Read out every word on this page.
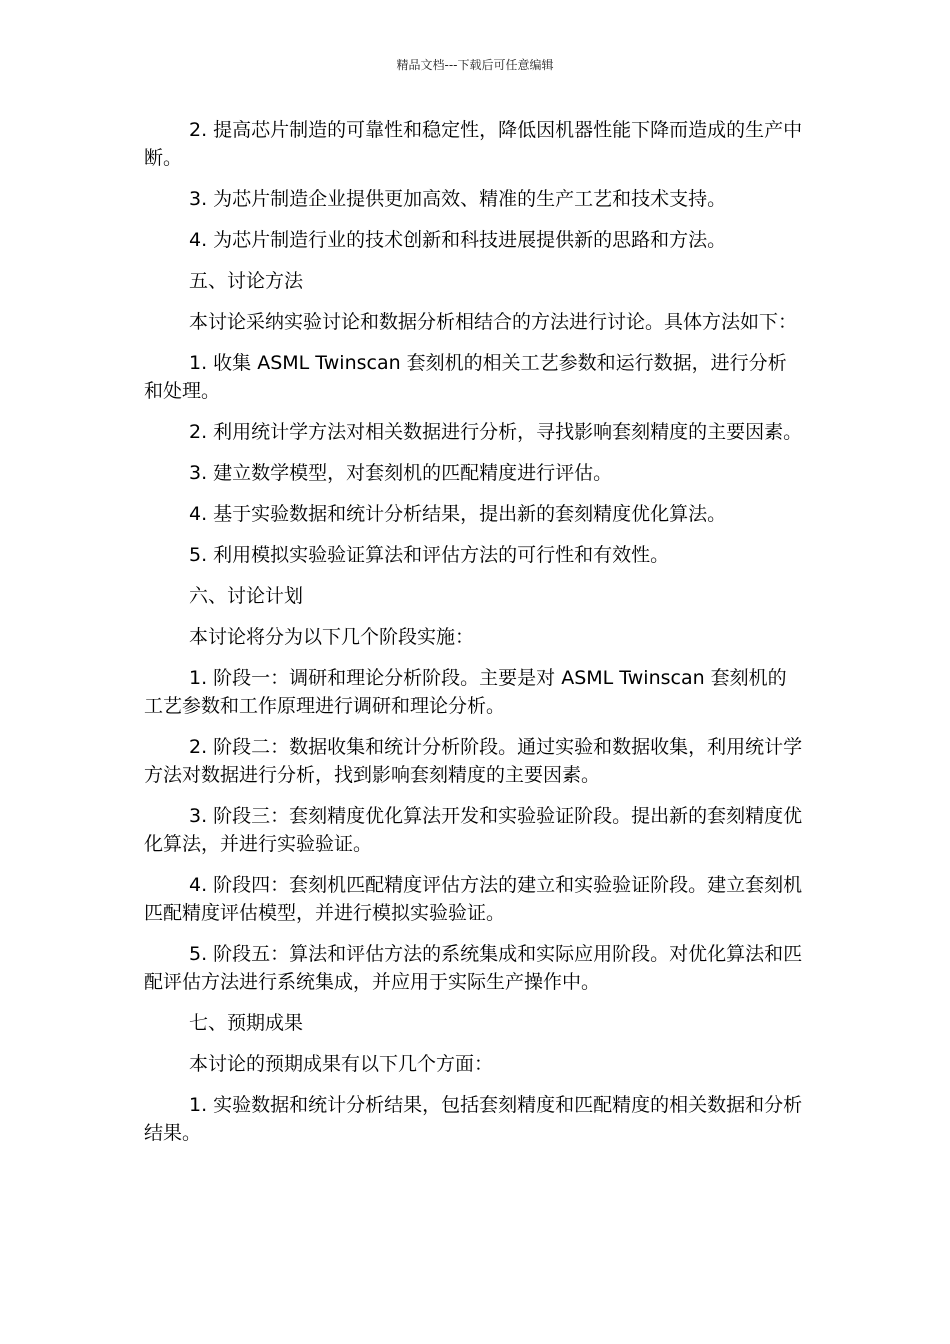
精品文档---下载后可任意编辑

2. 提高芯片制造的可靠性和稳定性，降低因机器性能下降而造成的生产中断。

3. 为芯片制造企业提供更加高效、精准的生产工艺和技术支持。

4. 为芯片制造行业的技术创新和科技进展提供新的思路和方法。

五、讨论方法

本讨论采纳实验讨论和数据分析相结合的方法进行讨论。具体方法如下：

1. 收集 ASML Twinscan 套刻机的相关工艺参数和运行数据，进行分析和处理。

2. 利用统计学方法对相关数据进行分析，寻找影响套刻精度的主要因素。

3. 建立数学模型，对套刻机的匹配精度进行评估。

4. 基于实验数据和统计分析结果，提出新的套刻精度优化算法。

5. 利用模拟实验验证算法和评估方法的可行性和有效性。

六、讨论计划

本讨论将分为以下几个阶段实施：

1. 阶段一：调研和理论分析阶段。主要是对 ASML Twinscan 套刻机的工艺参数和工作原理进行调研和理论分析。

2. 阶段二：数据收集和统计分析阶段。通过实验和数据收集，利用统计学方法对数据进行分析，找到影响套刻精度的主要因素。

3. 阶段三：套刻精度优化算法开发和实验验证阶段。提出新的套刻精度优化算法，并进行实验验证。

4. 阶段四：套刻机匹配精度评估方法的建立和实验验证阶段。建立套刻机匹配精度评估模型，并进行模拟实验验证。

5. 阶段五：算法和评估方法的系统集成和实际应用阶段。对优化算法和匹配评估方法进行系统集成，并应用于实际生产操作中。

七、预期成果

本讨论的预期成果有以下几个方面：

1. 实验数据和统计分析结果，包括套刻精度和匹配精度的相关数据和分析结果。
